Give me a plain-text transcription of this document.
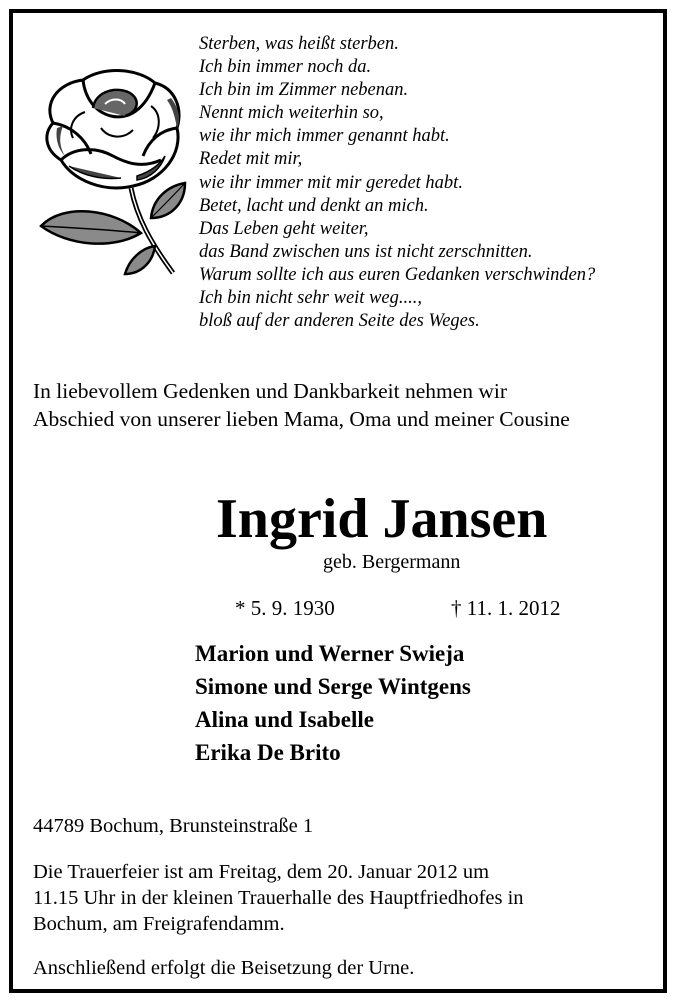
Sterben, was heißt sterben.
Ich bin immer noch da.
Ich bin im Zimmer nebenan.
Nennt mich weiterhin so,
wie ihr mich immer genannt habt.
Redet mit mir,
wie ihr immer mit mir geredet habt.
Betet, lacht und denkt an mich.
Das Leben geht weiter,
das Band zwischen uns ist nicht zerschnitten.
Warum sollte ich aus euren Gedanken verschwinden?
Ich bin nicht sehr weit weg....,
bloß auf der anderen Seite des Weges.
In liebevollem Gedenken und Dankbarkeit nehmen wir
Abschied von unserer lieben Mama, Oma und meiner Cousine
Ingrid Jansen
geb. Bergermann
* 5. 9. 1930	† 11. 1. 2012
Marion und Werner Swieja
Simone und Serge Wintgens
Alina und Isabelle
Erika De Brito
44789 Bochum, Brunsteinstraße 1
Die Trauerfeier ist am Freitag, dem 20. Januar 2012 um
11.15 Uhr in der kleinen Trauerhalle des Hauptfriedhofes in
Bochum, am Freigrafendamm.
Anschließend erfolgt die Beisetzung der Urne.
